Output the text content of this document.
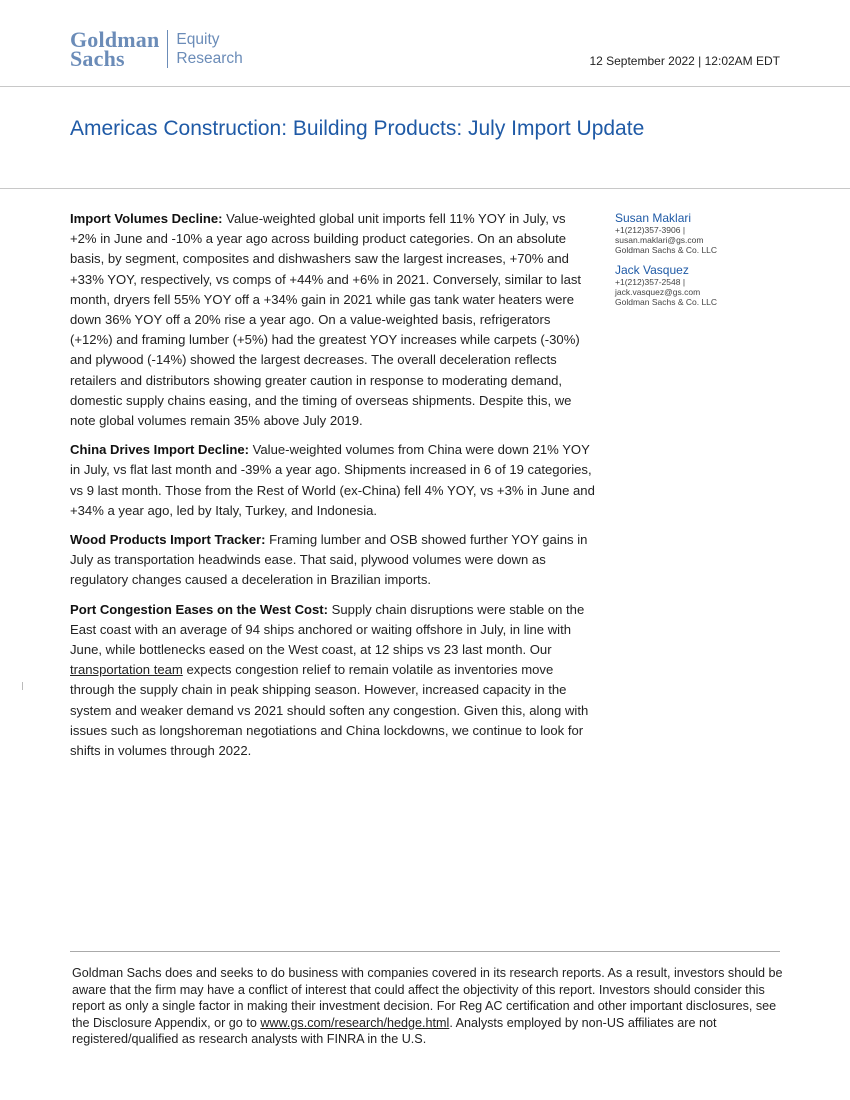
Goldman
Sachs
Equity
Research	12 September 2022 | 12:02AM EDT
Americas Construction: Building Products: July Import Update

Import Volumes Decline: Value-weighted global unit imports fell 11% YOY in July, vs +2% in June and -10% a year ago across building product categories. On an absolute basis, by segment, composites and dishwashers saw the largest increases, +70% and +33% YOY, respectively, vs comps of +44% and +6% in 2021. Conversely, similar to last month, dryers fell 55% YOY off a +34% gain in 2021 while gas tank water heaters were down 36% YOY off a 20% rise a year ago. On a value-weighted basis, refrigerators (+12%) and framing lumber (+5%) had the greatest YOY increases while carpets (-30%) and plywood (-14%) showed the largest decreases. The overall deceleration reflects retailers and distributors showing greater caution in response to moderating demand, domestic supply chains easing, and the timing of overseas shipments. Despite this, we note global volumes remain 35% above July 2019.

China Drives Import Decline: Value-weighted volumes from China were down 21% YOY in July, vs flat last month and -39% a year ago. Shipments increased in 6 of 19 categories, vs 9 last month. Those from the Rest of World (ex-China) fell 4% YOY, vs +3% in June and +34% a year ago, led by Italy, Turkey, and Indonesia.

Wood Products Import Tracker: Framing lumber and OSB showed further YOY gains in July as transportation headwinds ease. That said, plywood volumes were down as regulatory changes caused a deceleration in Brazilian imports.

Port Congestion Eases on the West Cost: Supply chain disruptions were stable on the East coast with an average of 94 ships anchored or waiting offshore in July, in line with June, while bottlenecks eased on the West coast, at 12 ships vs 23 last month. Our transportation team expects congestion relief to remain volatile as inventories move through the supply chain in peak shipping season. However, increased capacity in the system and weaker demand vs 2021 should soften any congestion. Given this, along with issues such as longshoreman negotiations and China lockdowns, we continue to look for shifts in volumes through 2022.

Susan Maklari
+1(212)357-3906 |
susan.maklari@gs.com
Goldman Sachs & Co. LLC
Jack Vasquez
+1(212)357-2548 |
jack.vasquez@gs.com
Goldman Sachs & Co. LLC

Goldman Sachs does and seeks to do business with companies covered in its research reports. As a result, investors should be aware that the firm may have a conflict of interest that could affect the objectivity of this report. Investors should consider this report as only a single factor in making their investment decision. For Reg AC certification and other important disclosures, see the Disclosure Appendix, or go to www.gs.com/research/hedge.html. Analysts employed by non-US affiliates are not registered/qualified as research analysts with FINRA in the U.S.
